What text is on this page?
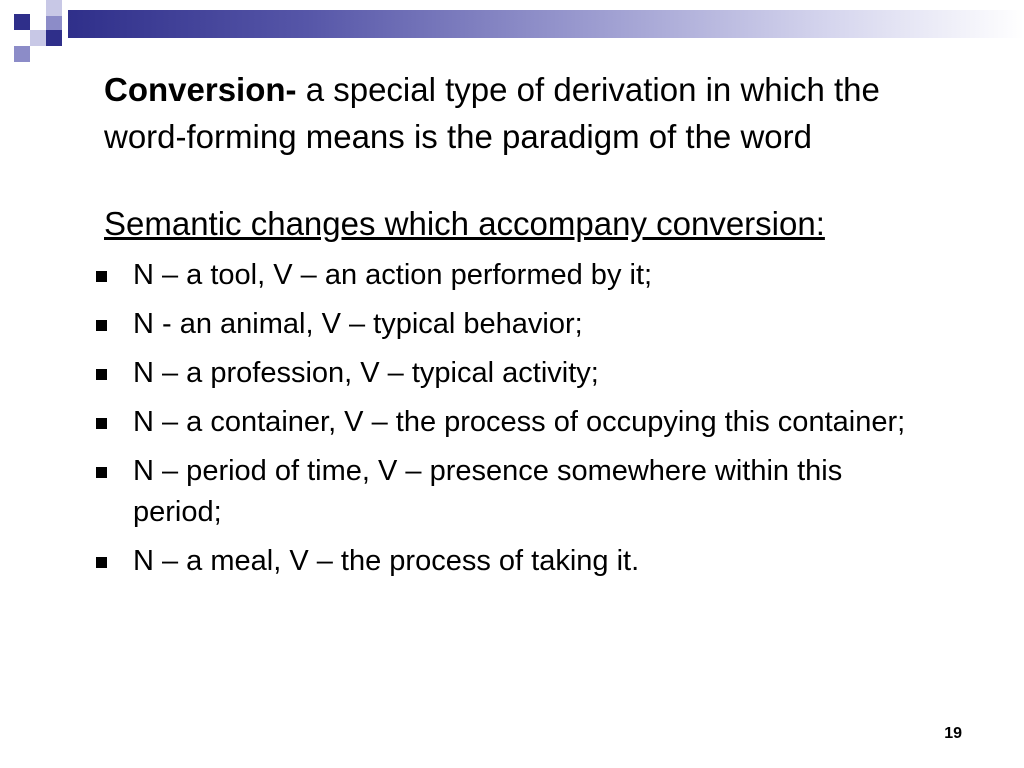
Conversion- a special type of derivation in which the word-forming means is the paradigm of the word

Semantic changes which accompany conversion:

N – a tool, V – an action performed by it;
N - an animal, V – typical behavior;
N – a profession, V – typical activity;
N – a container, V – the process of occupying this container;
N – period of time, V – presence somewhere within this period;
N – a meal, V – the process of taking it.
19
